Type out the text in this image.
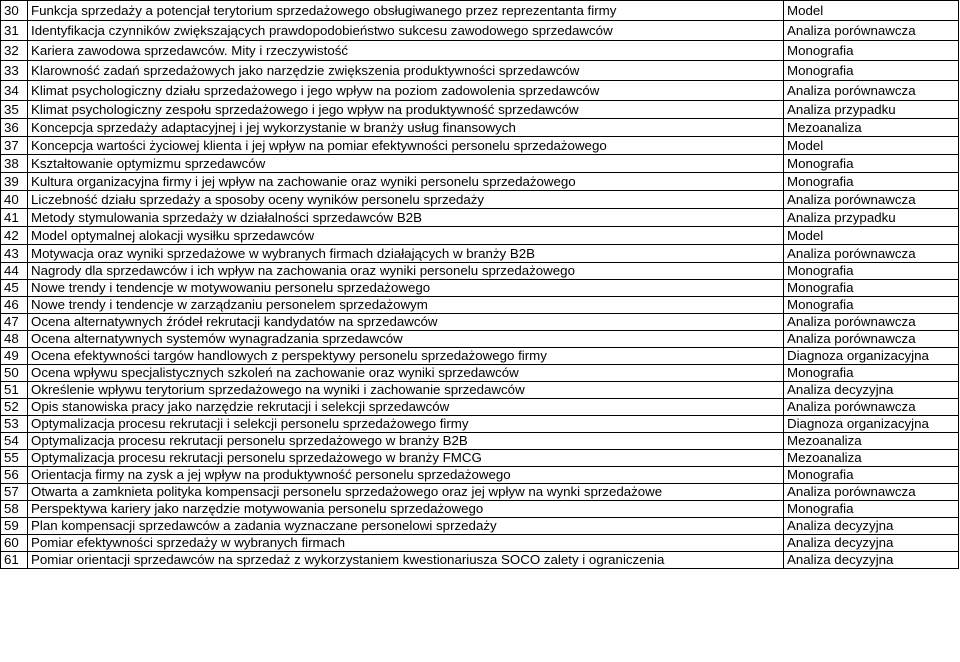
30	Funkcja sprzedaży a potencjał terytorium sprzedażowego obsługiwanego przez reprezentanta firmy	Model
31	Identyfikacja czynników zwiększających prawdopodobieństwo sukcesu zawodowego sprzedawców	Analiza porównawcza
32	Kariera zawodowa sprzedawców. Mity i rzeczywistość	Monografia
33	Klarowność zadań sprzedażowych jako narzędzie zwiększenia produktywności sprzedawców	Monografia
34	Klimat psychologiczny działu sprzedażowego i jego wpływ na poziom zadowolenia sprzedawców	Analiza porównawcza
35	Klimat psychologiczny zespołu sprzedażowego i jego wpływ na produktywność sprzedawców	Analiza przypadku
36	Koncepcja sprzedaży adaptacyjnej i jej wykorzystanie w branży usług finansowych	Mezoanaliza
37	Koncepcja wartości życiowej klienta i jej wpływ na pomiar efektywności personelu sprzedażowego	Model
38	Kształtowanie optymizmu sprzedawców	Monografia
39	Kultura organizacyjna firmy i jej wpływ na zachowanie oraz wyniki personelu sprzedażowego	Monografia
40	Liczebność działu sprzedaży a sposoby oceny wyników personelu sprzedaży	Analiza porównawcza
41	Metody stymulowania sprzedaży w działalności sprzedawców B2B	Analiza przypadku
42	Model optymalnej alokacji wysiłku sprzedawców	Model
43	Motywacja oraz wyniki sprzedażowe w wybranych firmach działających w branży B2B	Analiza porównawcza
44	Nagrody dla sprzedawców i ich wpływ na zachowania oraz wyniki personelu sprzedażowego	Monografia
45	Nowe trendy i tendencje w motywowaniu personelu sprzedażowego	Monografia
46	Nowe trendy i tendencje w zarządzaniu personelem sprzedażowym	Monografia
47	Ocena alternatywnych źródeł rekrutacji kandydatów na sprzedawców	Analiza porównawcza
48	Ocena alternatywnych systemów wynagradzania sprzedawców	Analiza porównawcza
49	Ocena efektywności targów handlowych z perspektywy personelu sprzedażowego firmy	Diagnoza organizacyjna
50	Ocena wpływu specjalistycznych szkoleń na zachowanie oraz wyniki sprzedawców	Monografia
51	Określenie wpływu terytorium sprzedażowego na wyniki i zachowanie sprzedawców	Analiza decyzyjna
52	Opis stanowiska pracy jako narzędzie rekrutacji i selekcji sprzedawców	Analiza porównawcza
53	Optymalizacja procesu rekrutacji i selekcji personelu sprzedażowego firmy	Diagnoza organizacyjna
54	Optymalizacja procesu rekrutacji personelu sprzedażowego w branży B2B	Mezoanaliza
55	Optymalizacja procesu rekrutacji personelu sprzedażowego w branży FMCG	Mezoanaliza
56	Orientacja firmy na zysk a jej wpływ na produktywność personelu sprzedażowego	Monografia
57	Otwarta a zamknieta polityka kompensacji personelu sprzedażowego oraz jej wpływ na wynki sprzedażowe	Analiza porównawcza
58	Perspektywa kariery jako narzędzie motywowania personelu sprzedażowego	Monografia
59	Plan kompensacji sprzedawców a zadania wyznaczane personelowi sprzedaży	Analiza decyzyjna
60	Pomiar efektywności sprzedaży w wybranych firmach	Analiza decyzyjna
61	Pomiar orientacji sprzedawców na sprzedaż z wykorzystaniem kwestionariusza SOCO zalety i ograniczenia	Analiza decyzyjna
